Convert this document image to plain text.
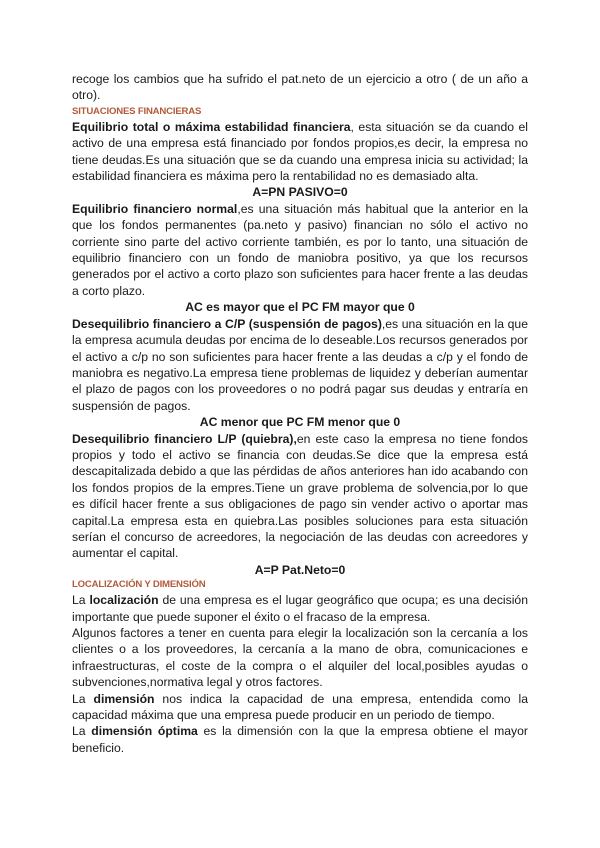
recoge los cambios que ha sufrido el pat.neto de un ejercicio a otro ( de un año a otro).

SITUACIONES FINANCIERAS

Equilibrio total o máxima estabilidad financiera, esta situación se da cuando el activo de una empresa está financiado por fondos propios,es decir, la empresa no tiene deudas.Es una situación que se da cuando una empresa inicia su actividad; la estabilidad financiera es máxima pero la rentabilidad no es demasiado alta.

A=PN PASIVO=0

Equilibrio financiero normal,es una situación más habitual que la anterior en la que los fondos permanentes (pa.neto y pasivo) financian no sólo el activo no corriente sino parte del activo corriente también, es por lo tanto, una situación de equilibrio financiero con un fondo de maniobra positivo, ya que los recursos generados por el activo a corto plazo son suficientes para hacer frente a las deudas a corto plazo.

AC es mayor que el PC FM mayor que 0

Desequilibrio financiero a C/P (suspensión de pagos),es una situación en la que la empresa acumula deudas por encima de lo deseable.Los recursos generados por el activo a c/p no son suficientes para hacer frente a las deudas a c/p y el fondo de maniobra es negativo.La empresa tiene problemas de liquidez y deberían aumentar el plazo de pagos con los proveedores o no podrá pagar sus deudas y entraría en suspensión de pagos.

AC menor que PC FM menor que 0

Desequilibrio financiero L/P (quiebra),en este caso la empresa no tiene fondos propios y todo el activo se financia con deudas.Se dice que la empresa está descapitalizada debido a que las pérdidas de años anteriores han ido acabando con los fondos propios de la empres.Tiene un grave problema de solvencia,por lo que es difícil hacer frente a sus obligaciones de pago sin vender activo o aportar mas capital.La empresa esta en quiebra.Las posibles soluciones para esta situación serían el concurso de acreedores, la negociación de las deudas con acreedores y aumentar el capital.

A=P Pat.Neto=0
LOCALIZACIÓN Y DIMENSIÓN

La localización de una empresa es el lugar geográfico que ocupa; es una decisión importante que puede suponer el éxito o el fracaso de la empresa.

Algunos factores a tener en cuenta para elegir la localización son la cercanía a los clientes o a los proveedores, la cercanía a la mano de obra, comunicaciones e infraestructuras, el coste de la compra o el alquiler del local,posibles ayudas o subvenciones,normativa legal y otros factores.

La dimensión nos indica la capacidad de una empresa, entendida como la capacidad máxima que una empresa puede producir en un periodo de tiempo.

La dimensión óptima es la dimensión con la que la empresa obtiene el mayor beneficio.
